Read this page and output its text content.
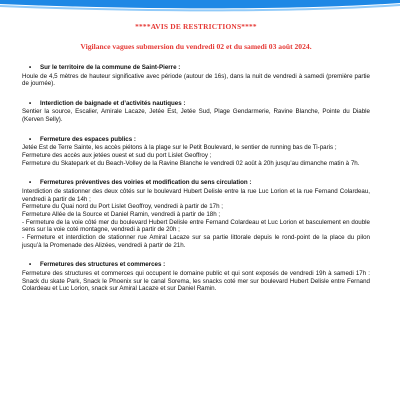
****AVIS DE RESTRICTIONS****
Vigilance vagues submersion du vendredi 02 et du samedi 03 août 2024.
• Sur le territoire de la commune de Saint-Pierre :

Houle de 4,5 mètres de hauteur significative avec période (autour de 16s), dans la nuit de vendredi à samedi (première partie de journée).

• Interdiction de baignade et d’activités nautiques :

Sentier la source, Escalier, Amirale Lacaze, Jetée Est, Jetée Sud, Plage Gendarmerie, Ravine Blanche, Pointe du Diable (Kerven Selly).

• Fermeture des espaces publics :

Jetée Est de Terre Sainte, les accès piétons à la plage sur le Petit Boulevard, le sentier de running bas de Ti-paris ;
Fermeture des accès aux jetées ouest et sud du port Lislet Geoffroy ;
Fermeture du Skatepark et du Beach-Volley de la Ravine Blanche le vendredi 02 août à 20h jusqu’au dimanche matin à 7h.

• Fermetures préventives des voiries et modification du sens circulation :

Interdiction de stationner des deux côtés sur le boulevard Hubert Delisle entre la rue Luc Lorion et la rue Fernand Colardeau, vendredi à partir de 14h ;
Fermeture du Quai nord du Port Lislet Geoffroy, vendredi à partir de 17h ;
Fermeture Allée de la Source et Daniel Ramin, vendredi à partir de 18h ;
- Fermeture de la voie côté mer du boulevard Hubert Delisle entre Fernand Colardeau et Luc Lorion et basculement en double sens sur la voie coté montagne, vendredi à partir de 20h ;
- Fermeture et interdiction de stationner rue Amiral Lacaze sur sa partie littorale depuis le rond-point de la place du pilon jusqu’à la Promenade des Alizées, vendredi à partir de 21h.

• Fermetures des structures et commerces :

Fermeture des structures et commerces qui occupent le domaine public et qui sont exposés de vendredi 19h à samedi 17h : Snack du skate Park, Snack le Phoenix sur le canal Sorema, les snacks coté mer sur boulevard Hubert Delisle entre Fernand Colardeau et Luc Lorion, snack sur Amiral Lacaze et sur Daniel Ramin.
